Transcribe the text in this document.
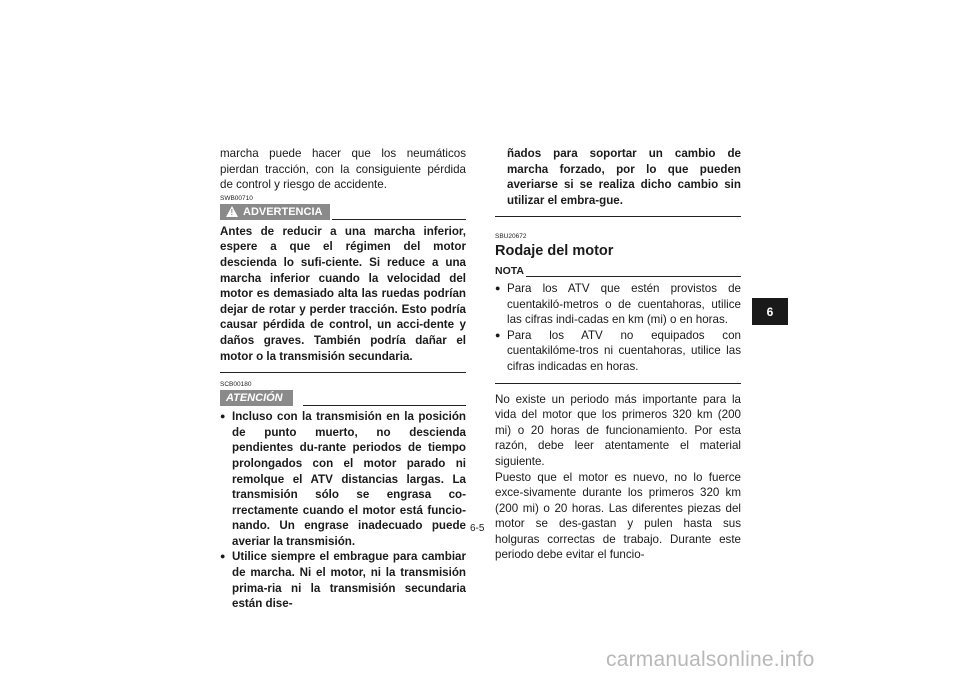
marcha puede hacer que los neumáticos pierdan tracción, con la consiguiente pérdida de control y riesgo de accidente.

SWB00710
! ADVERTENCIA

Antes de reducir a una marcha inferior, espere a que el régimen del motor descienda lo sufi-ciente. Si reduce a una marcha inferior cuando la velocidad del motor es demasiado alta las ruedas podrían dejar de rotar y perder tracción. Esto podría causar pérdida de control, un acci-dente y daños graves. También podría dañar el motor o la transmisión secundaria.

SCB00180
ATENCIÓN
● Incluso con la transmisión en la posición de punto muerto, no descienda pendientes du-rante periodos de tiempo prolongados con el motor parado ni remolque el ATV distancias largas. La transmisión sólo se engrasa co-rrectamente cuando el motor está funcio-nando. Un engrase inadecuado puede averiar la transmisión.
● Utilice siempre el embrague para cambiar de marcha. Ni el motor, ni la transmisión prima-ria ni la transmisión secundaria están dise-

ñados para soportar un cambio de marcha forzado, por lo que pueden averiarse si se realiza dicho cambio sin utilizar el embra-gue.

SBU20672
Rodaje del motor
NOTA
● Para los ATV que estén provistos de cuentakiló-metros o de cuentahoras, utilice las cifras indi-cadas en km (mi) o en horas.
● Para los ATV no equipados con cuentakilóme-tros ni cuentahoras, utilice las cifras indicadas en horas.

No existe un periodo más importante para la vida del motor que los primeros 320 km (200 mi) o 20 horas de funcionamiento. Por esta razón, debe leer atentamente el material siguiente.

Puesto que el motor es nuevo, no lo fuerce exce-sivamente durante los primeros 320 km (200 mi) o 20 horas. Las diferentes piezas del motor se des-gastan y pulen hasta sus holguras correctas de trabajo. Durante este periodo debe evitar el funcio-

6-5
6
carmanualsonline.info
